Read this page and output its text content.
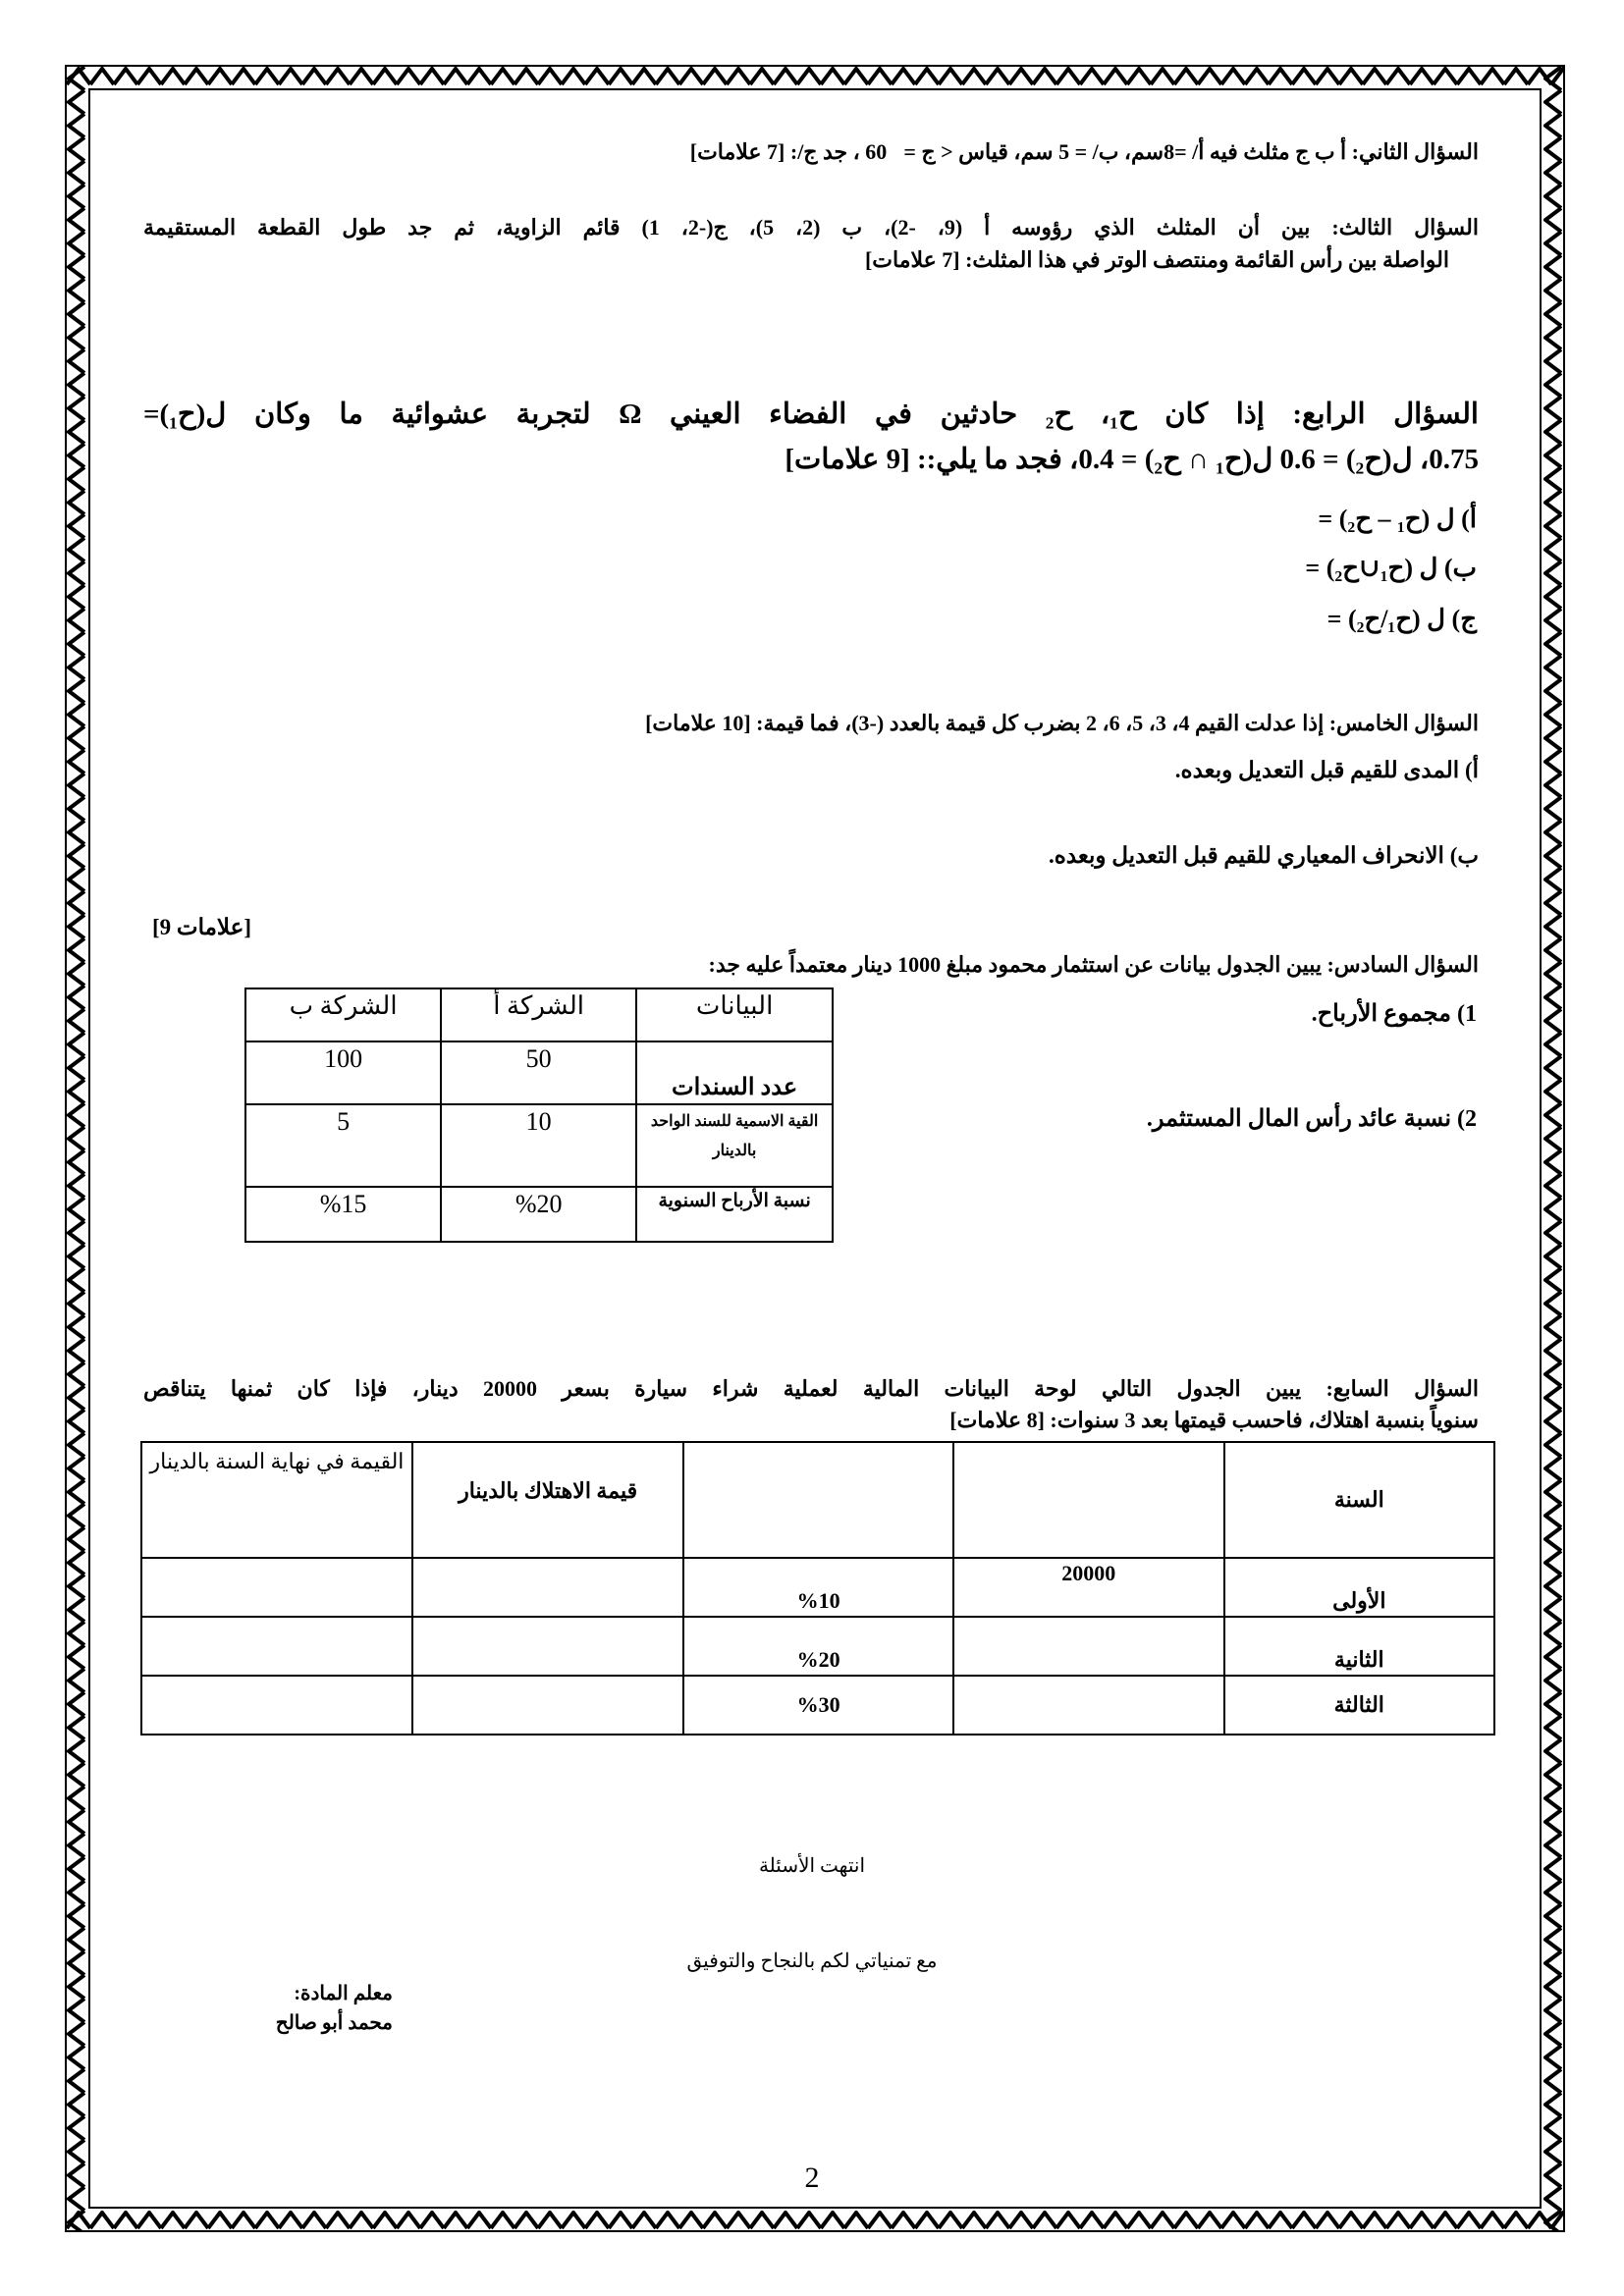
السؤال الثاني: أ ب ج مثلث فيه أ/ =8سم، ب/ = 5 سم، قياس < ج =60ْ ، جد ج/: [7 علامات]
السؤال الثالث: بين أن المثلث الذي رؤوسه أ (9، -2)، ب (2، 5)، ج(-2، 1) قائم الزاوية، ثم جد طول القطعة المستقيمة
الواصلة بين رأس القائمة ومنتصف الوتر في هذا المثلث: [7 علامات]
السؤال الرابع: إذا كان ح₁، ح₂ حادثين في الفضاء العيني Ω لتجربة عشوائية ما وكان ل(ح₁)=
0.75، ل(ح₂) = 0.6 ل(ح₁ ∩ ح₂) = 0.4، فجد ما يلي:: [9 علامات]
أ) ل (ح₁ – ح₂) =
ب) ل (ح₁∪ح₂) =
ج) ل (ح₁/ح₂) =
السؤال الخامس: إذا عدلت القيم 4، 3، 5، 6، 2 بضرب كل قيمة بالعدد (-3)، فما قيمة: [10 علامات]
أ) المدى للقيم قبل التعديل وبعده.
ب) الانحراف المعياري للقيم قبل التعديل وبعده.
[9 علامات]
السؤال السادس: يبين الجدول بيانات عن استثمار محمود مبلغ 1000 دينار معتمداً عليه جد:
1) مجموع الأرباح.
2) نسبة عائد رأس المال المستثمر.
البيانات	الشركة أ	الشركة ب
عدد السندات	50	100
القية الاسمية للسند الواحد بالدينار	10	5
نسبة الأرباح السنوية	%20	%15
السؤال السابع: يبين الجدول التالي لوحة البيانات المالية لعملية شراء سيارة بسعر 20000 دينار، فإذا كان ثمنها يتناقص
سنوياً بنسبة اهتلاك، فاحسب قيمتها بعد 3 سنوات: [8 علامات]
السنة			قيمة الاهتلاك بالدينار	القيمة في نهاية السنة بالدينار
الأولى	20000	%10		
الثانية		%20		
الثالثة		%30		
انتهت الأسئلة
مع تمنياتي لكم بالنجاح والتوفيق
معلم المادة:
محمد أبو صالح
2
